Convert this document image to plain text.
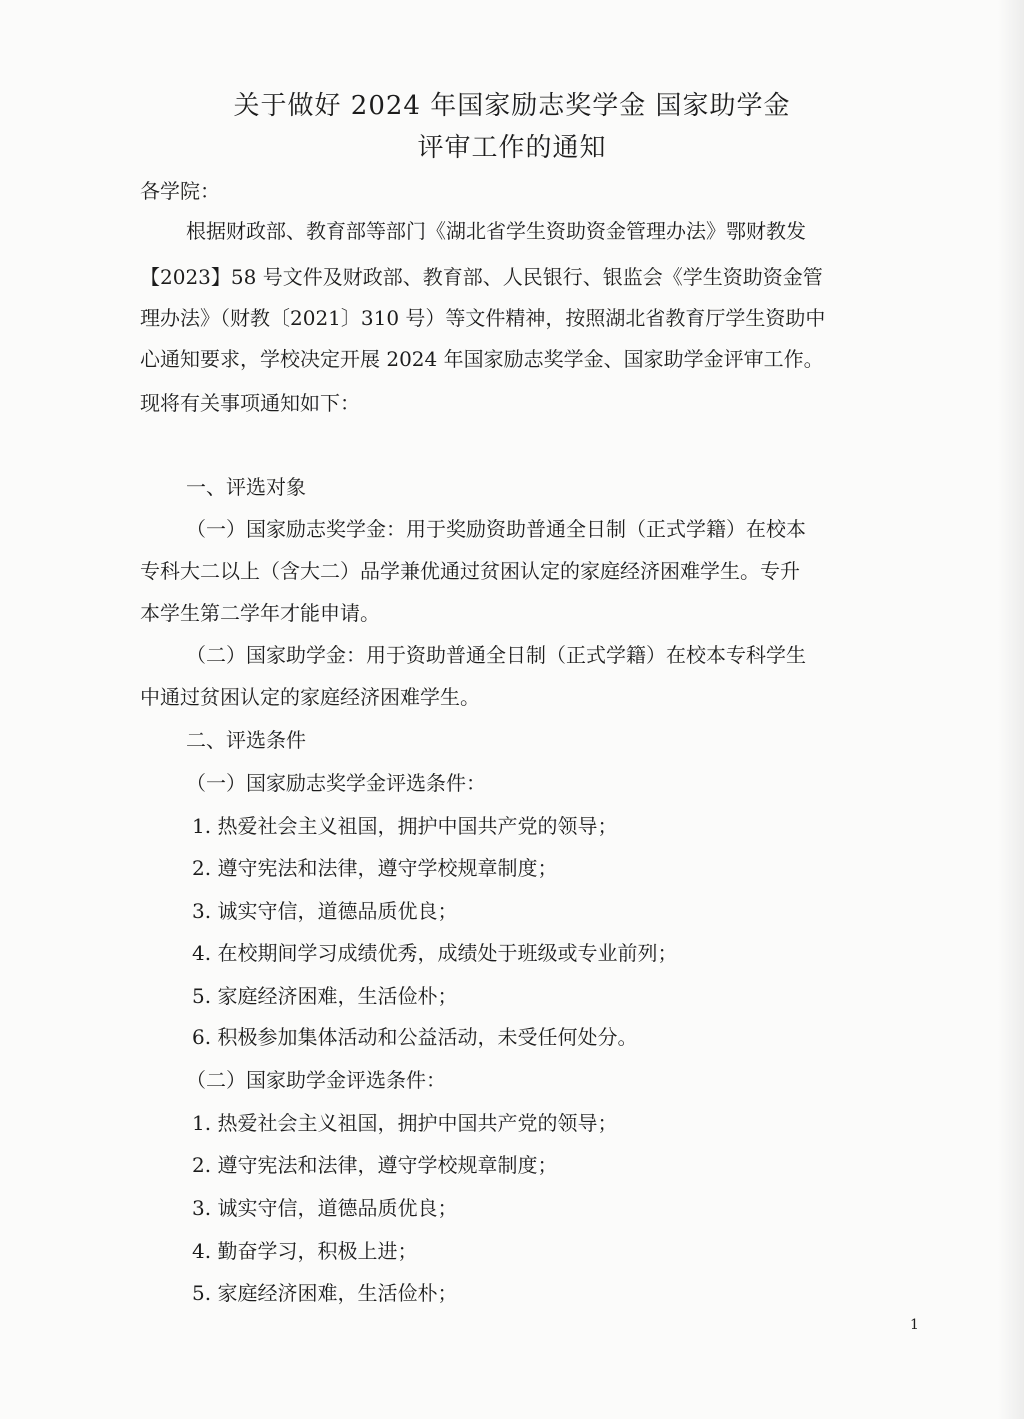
关于做好 2024 年国家励志奖学金 国家助学金
评审工作的通知
各学院：
根据财政部、教育部等部门《湖北省学生资助资金管理办法》鄂财教发
【2023】58 号文件及财政部、教育部、人民银行、银监会《学生资助资金管
理办法》（财教〔2021〕310 号）等文件精神，按照湖北省教育厅学生资助中
心通知要求，学校决定开展 2024 年国家励志奖学金、国家助学金评审工作。
现将有关事项通知如下：
一、评选对象
（一）国家励志奖学金：用于奖励资助普通全日制（正式学籍）在校本
专科大二以上（含大二）品学兼优通过贫困认定的家庭经济困难学生。专升
本学生第二学年才能申请。
（二）国家助学金：用于资助普通全日制（正式学籍）在校本专科学生
中通过贫困认定的家庭经济困难学生。
二、评选条件
（一）国家励志奖学金评选条件：
1. 热爱社会主义祖国，拥护中国共产党的领导；
2. 遵守宪法和法律，遵守学校规章制度；
3. 诚实守信，道德品质优良；
4. 在校期间学习成绩优秀，成绩处于班级或专业前列；
5. 家庭经济困难，生活俭朴；
6. 积极参加集体活动和公益活动，未受任何处分。
（二）国家助学金评选条件：
1. 热爱社会主义祖国，拥护中国共产党的领导；
2. 遵守宪法和法律，遵守学校规章制度；
3. 诚实守信，道德品质优良；
4. 勤奋学习，积极上进；
5. 家庭经济困难，生活俭朴；
1
